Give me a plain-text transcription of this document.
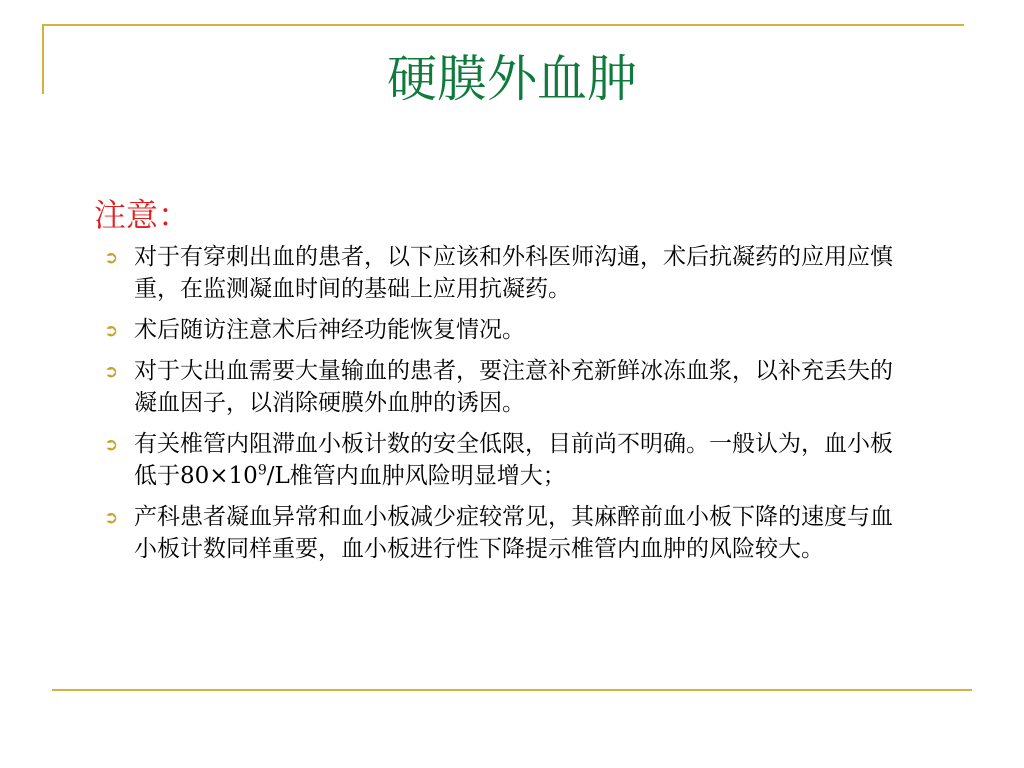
硬膜外血肿
注意：
➲ 对于有穿刺出血的患者，以下应该和外科医师沟通，术后抗凝药的应用应慎重，在监测凝血时间的基础上应用抗凝药。
➲ 术后随访注意术后神经功能恢复情况。
➲ 对于大出血需要大量输血的患者，要注意补充新鲜冰冻血浆，以补充丢失的凝血因子，以消除硬膜外血肿的诱因。
➲ 有关椎管内阻滞血小板计数的安全低限，目前尚不明确。一般认为，血小板低于$80\times 10^9/L$椎管内血肿风险明显增大；
➲ 产科患者凝血异常和血小板减少症较常见，其麻醉前血小板下降的速度与血小板计数同样重要，血小板进行性下降提示椎管内血肿的风险较大。
